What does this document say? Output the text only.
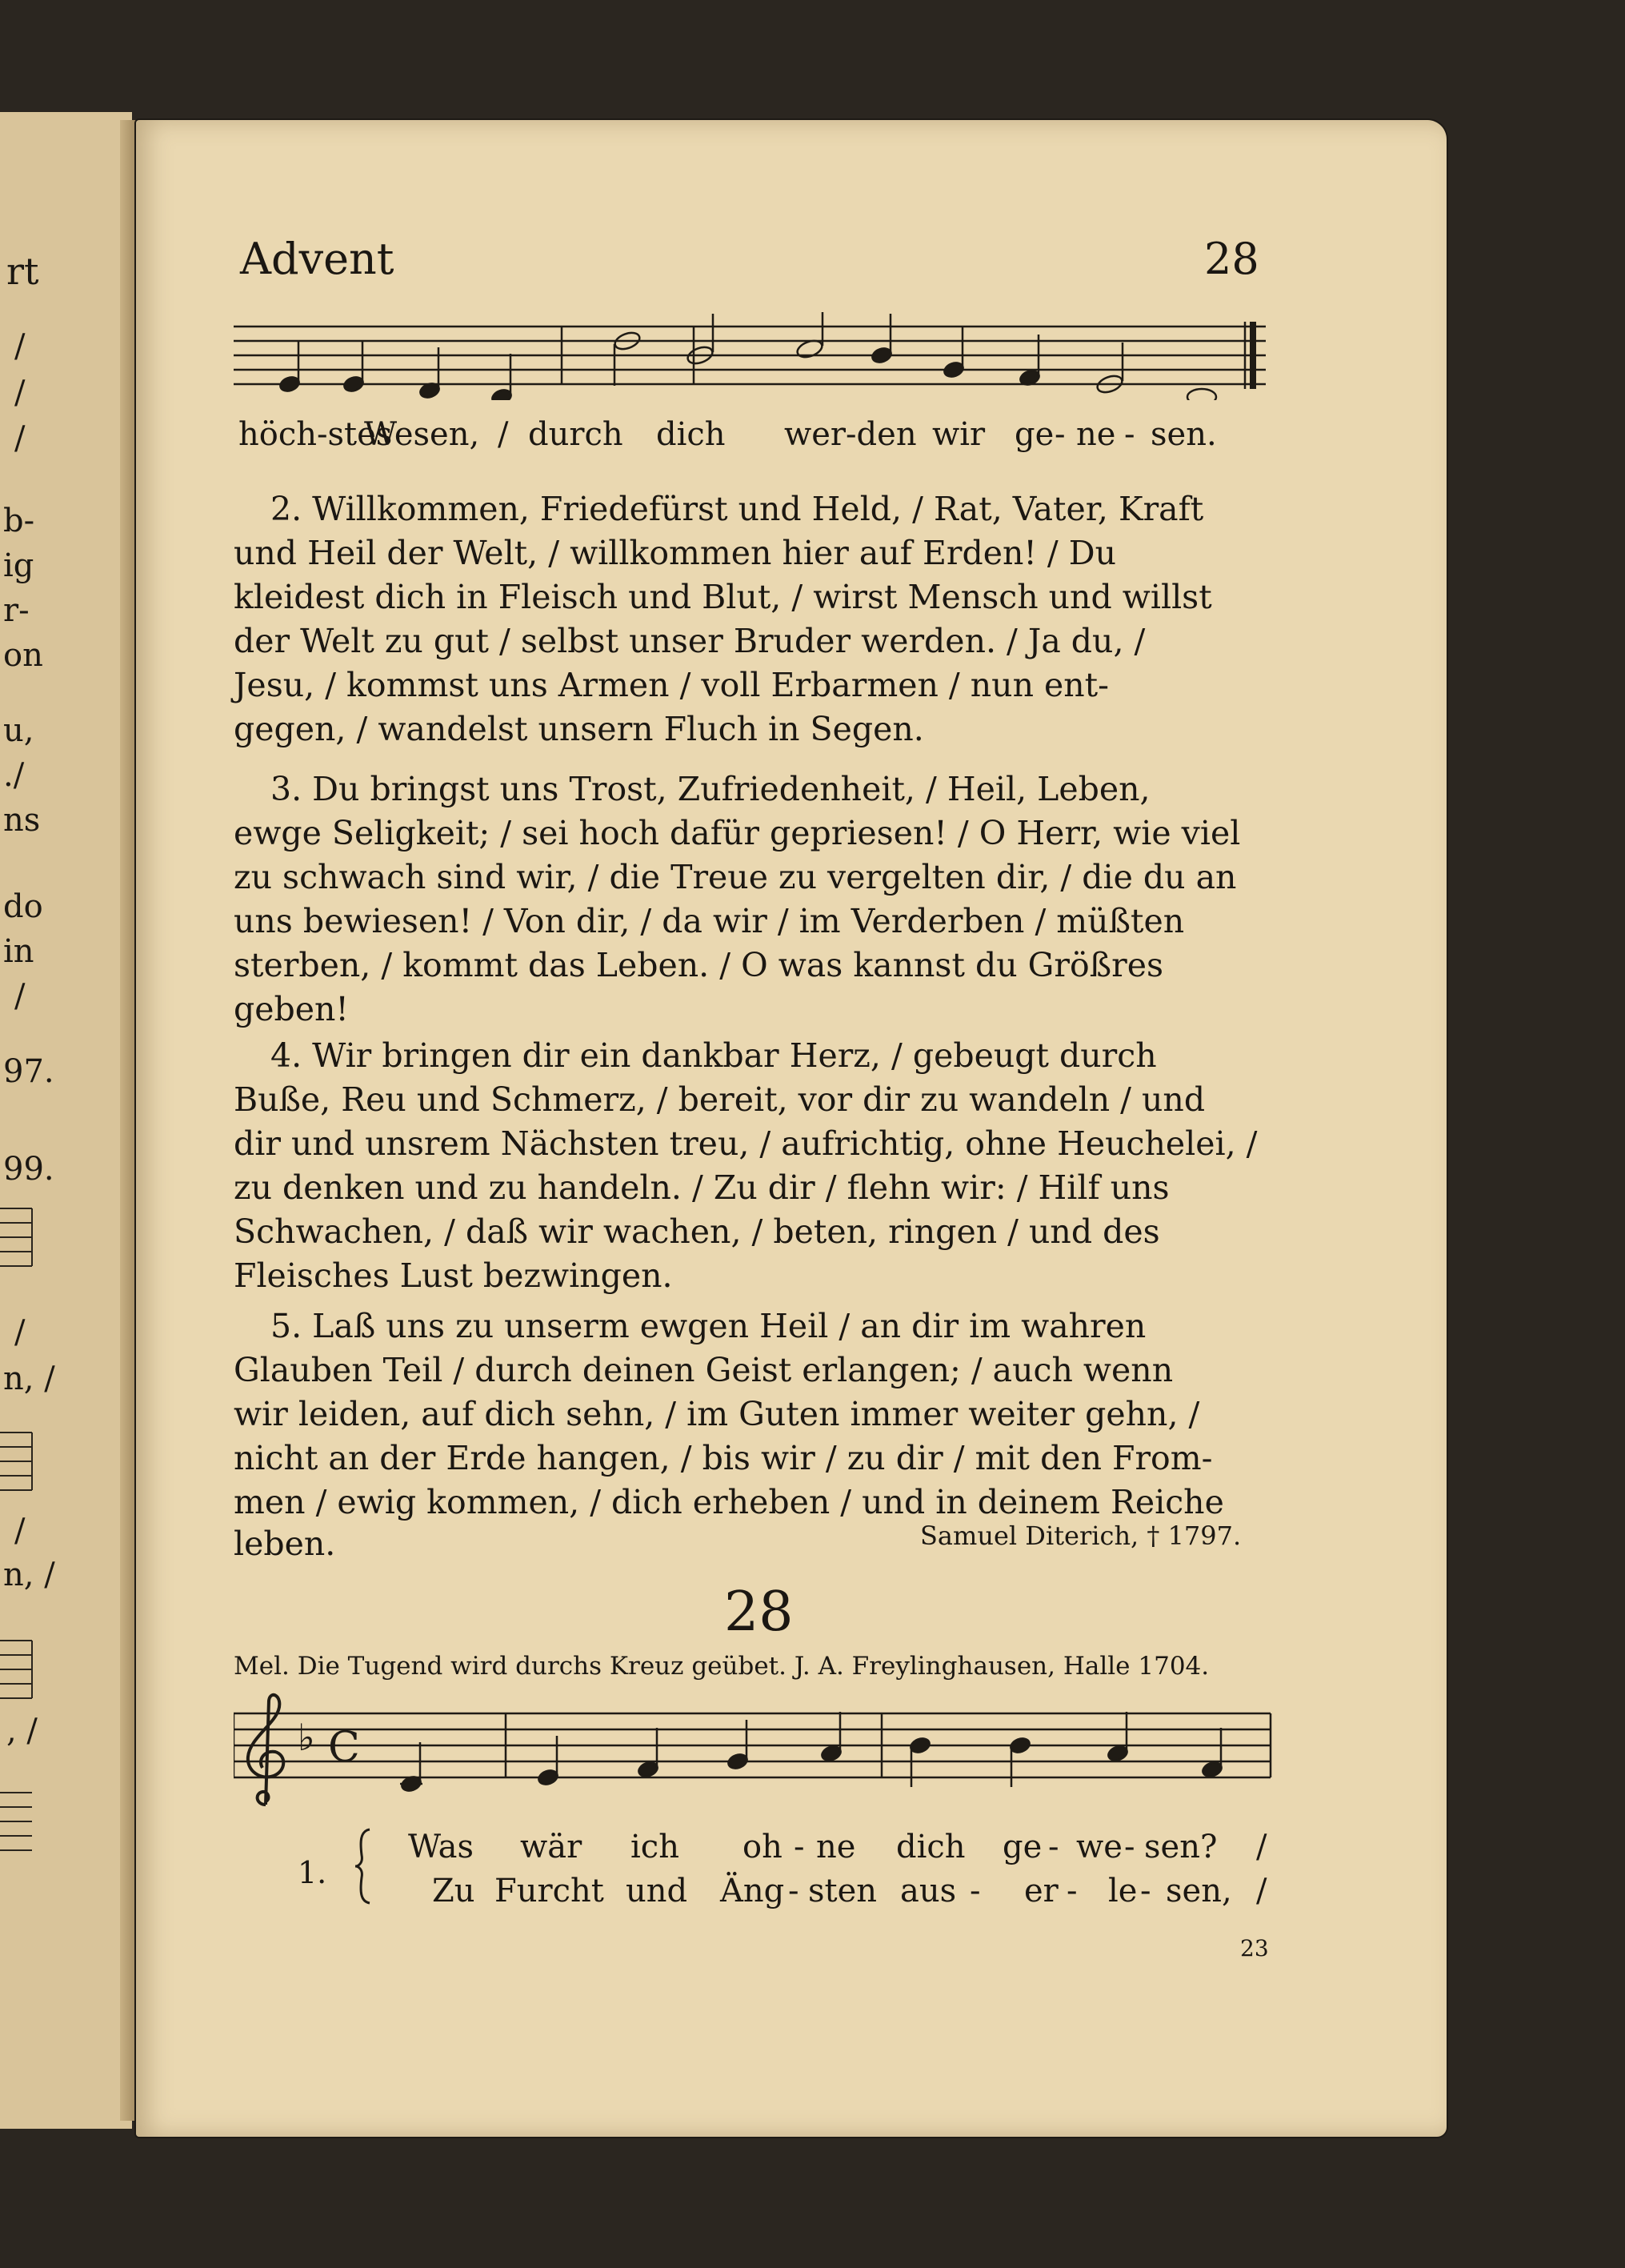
rt
/
/
/
b-
ig
r-
on
u,
./
ns
do
in
/
97.
99.
/
n, /
/
n, /
, /
Advent	28
höch-stes
Wesen, / durch dich wer-den wir ge - ne - sen.
2. Willkommen, Friedefürst und Held, / Rat, Vater, Kraft
und Heil der Welt, / willkommen hier auf Erden! / Du
kleidest dich in Fleisch und Blut, / wirst Mensch und willst
der Welt zu gut / selbst unser Bruder werden. / Ja du, /
Jesu, / kommst uns Armen / voll Erbarmen / nun ent-
gegen, / wandelst unsern Fluch in Segen.
3. Du bringst uns Trost, Zufriedenheit, / Heil, Leben,
ewge Seligkeit; / sei hoch dafür gepriesen! / O Herr, wie viel
zu schwach sind wir, / die Treue zu vergelten dir, / die du an
uns bewiesen! / Von dir, / da wir / im Verderben / müßten
sterben, / kommt das Leben. / O was kannst du Größres
geben!
4. Wir bringen dir ein dankbar Herz, / gebeugt durch
Buße, Reu und Schmerz, / bereit, vor dir zu wandeln / und
dir und unsrem Nächsten treu, / aufrichtig, ohne Heuchelei, /
zu denken und zu handeln. / Zu dir / flehn wir: / Hilf uns
Schwachen, / daß wir wachen, / beten, ringen / und des
Fleisches Lust bezwingen.
5. Laß uns zu unserm ewgen Heil / an dir im wahren
Glauben Teil / durch deinen Geist erlangen; / auch wenn
wir leiden, auf dich sehn, / im Guten immer weiter gehn, /
nicht an der Erde hangen, / bis wir / zu dir / mit den From-
men / ewig kommen, / dich erheben / und in deinem Reiche
leben.	Samuel Diterich, † 1797.
28
Mel. Die Tugend wird durchs Kreuz geübet. J. A. Freylinghausen, Halle 1704.
♭ C
1.
Was wär ich oh - ne dich ge - we - sen? /
Zu Furcht und Äng - sten aus - er - le - sen, /
23
